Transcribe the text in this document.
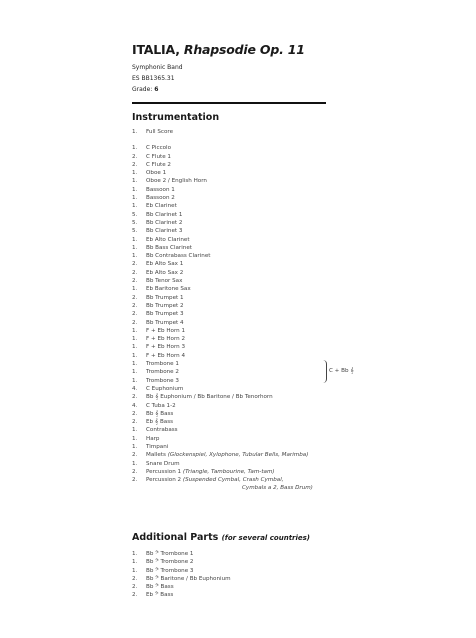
ITALIA, Rhapsodie Op. 11
Symphonic Band
ES BB1365.31
Grade: 6
Instrumentation
1.	Full Score
1.	C Piccolo
2.	C Flute 1
2.	C Flute 2
1.	Oboe 1
1.	Oboe 2 / English Horn
1.	Bassoon 1
1.	Bassoon 2
1.	Eb Clarinet
5.	Bb Clarinet 1
5.	Bb Clarinet 2
5.	Bb Clarinet 3
1.	Eb Alto Clarinet
1.	Bb Bass Clarinet
1.	Bb Contrabass Clarinet
2.	Eb Alto Sax 1
2.	Eb Alto Sax 2
2.	Bb Tenor Sax
1.	Eb Baritone Sax
2.	Bb Trumpet 1
2.	Bb Trumpet 2
2.	Bb Trumpet 3
2.	Bb Trumpet 4
1.	F + Eb Horn 1
1.	F + Eb Horn 2
1.	F + Eb Horn 3
1.	F + Eb Horn 4
1.	Trombone 1
1.	Trombone 2
1.	Trombone 3
C + Bb 𝄞
4.	C Euphonium
2.	Bb 𝄞 Euphonium / Bb Baritone / Bb Tenorhorn
4.	C Tuba 1-2
2.	Bb 𝄞 Bass
2.	Eb 𝄞 Bass
1.	Contrabass
1.	Harp
1.	Timpani
2.	Mallets (Glockenspiel, Xylophone, Tubular Bells, Marimba)
1.	Snare Drum
2.	Percussion 1 (Triangle, Tambourine, Tam-tam)
2.	Percussion 2 (Suspended Cymbal, Crash Cymbal,
Cymbals a 2, Bass Drum)
Additional Parts (for several countries)
1.	Bb 𝄢 Trombone 1
1.	Bb 𝄢 Trombone 2
1.	Bb 𝄢 Trombone 3
2.	Bb 𝄢 Baritone / Bb Euphonium
2.	Bb 𝄢 Bass
2.	Eb 𝄢 Bass
